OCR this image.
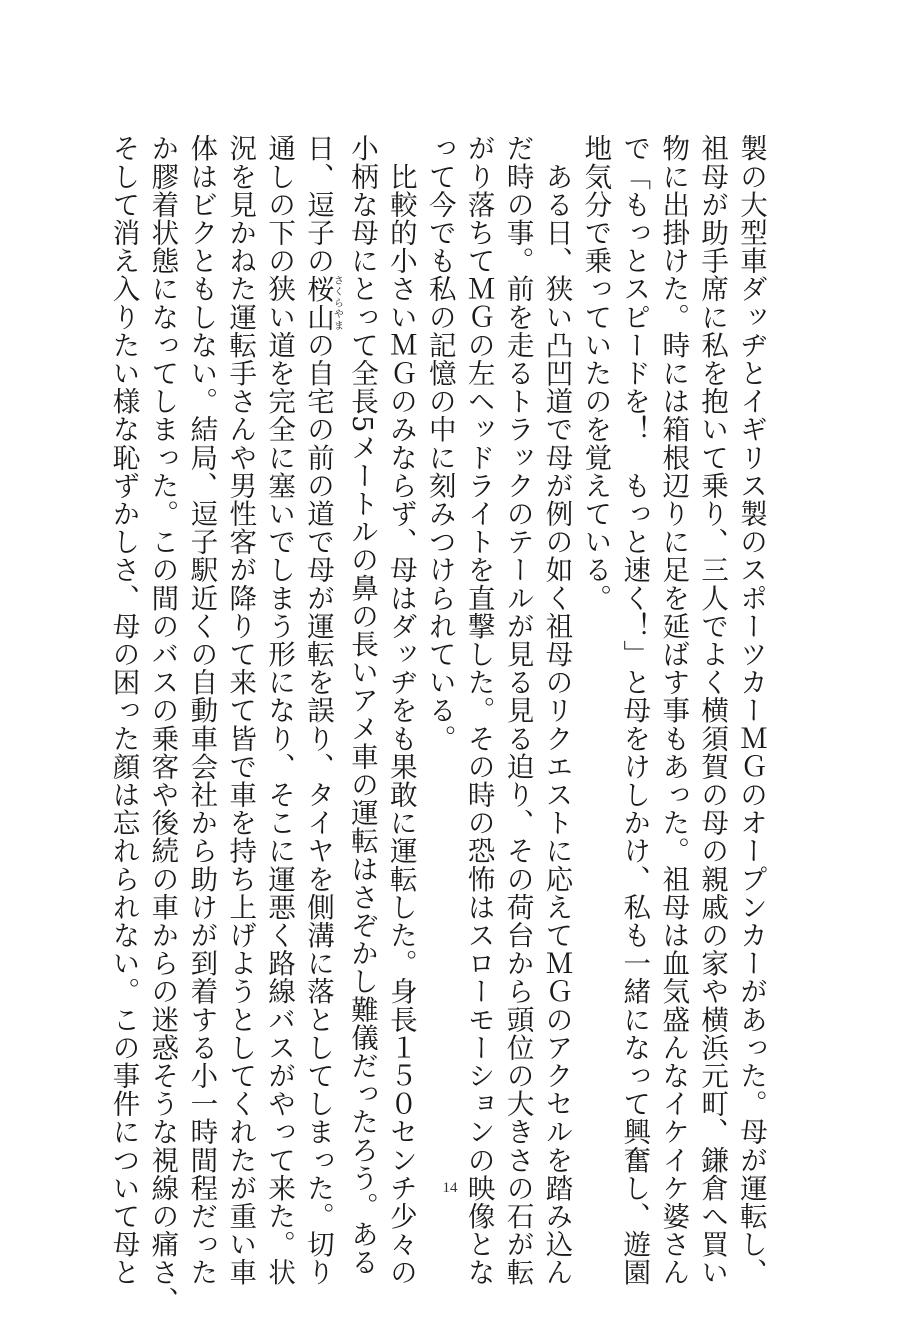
製の大型車ダッヂとイギリス製のスポーツカーＭＧのオープンカーがあった。母が運転し、
祖母が助手席に私を抱いて乗り、三人でよく横須賀の母の親戚の家や横浜元町、鎌倉へ買い
物に出掛けた。時には箱根辺りに足を延ばす事もあった。祖母は血気盛んなイケイケ婆さん
で「もっとスピードを！　もっと速く！」と母をけしかけ、私も一緒になって興奮し、遊園
地気分で乗っていたのを覚えている。
　ある日、狭い凸凹道で母が例の如く祖母のリクエストに応えてＭＧのアクセルを踏み込ん
だ時の事。前を走るトラックのテールが見る見る迫り、その荷台から頭位の大きさの石が転
がり落ちてＭＧの左ヘッドライトを直撃した。その時の恐怖はスローモーションの映像とな
って今でも私の記憶の中に刻みつけられている。
　比較的小さいＭＧのみならず、母はダッヂをも果敢に運転した。身長１５０センチ少々の
小柄な母にとって全長5メートルの鼻の長いアメ車の運転はさぞかし難儀だったろう。ある
日、逗子の桜山さくらやまの自宅の前の道で母が運転を誤り、タイヤを側溝に落としてしまった。切り
通しの下の狭い道を完全に塞いでしまう形になり、そこに運悪く路線バスがやって来た。状
況を見かねた運転手さんや男性客が降りて来て皆で車を持ち上げようとしてくれたが重い車
体はビクともしない。結局、逗子駅近くの自動車会社から助けが到着する小一時間程だった
か膠着状態になってしまった。この間のバスの乗客や後続の車からの迷惑そうな視線の痛さ、
そして消え入りたい様な恥ずかしさ、母の困った顔は忘れられない。この事件について母と	14
